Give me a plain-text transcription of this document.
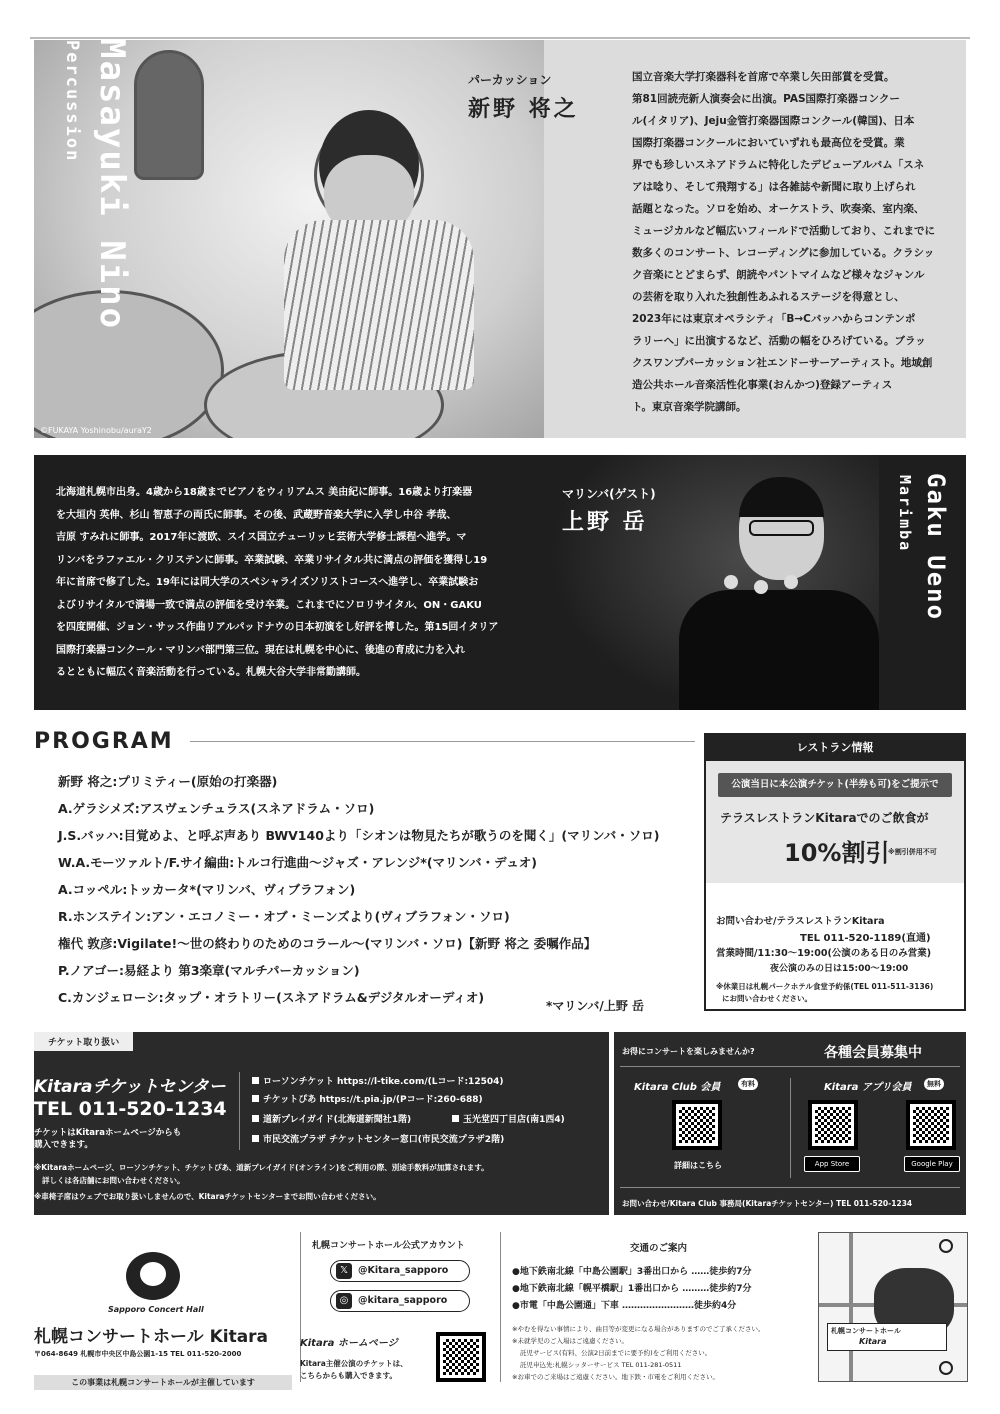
Masayuki Nino
Percussion
©FUKAYA Yoshinobu/auraY2
パーカッション
新野 将之
国立音楽大学打楽器科を首席で卒業し矢田部賞を受賞。
第81回読売新人演奏会に出演。PAS国際打楽器コンクー
ル(イタリア)、Jeju金管打楽器国際コンクール(韓国)、日本
国際打楽器コンクールにおいていずれも最高位を受賞。業
界でも珍しいスネアドラムに特化したデビューアルバム「スネ
アは唸り、そして飛翔する」は各雑誌や新聞に取り上げられ
話題となった。ソロを始め、オーケストラ、吹奏楽、室内楽、
ミュージカルなど幅広いフィールドで活動しており、これまでに
数多くのコンサート、レコーディングに参加している。クラシッ
ク音楽にとどまらず、朗読やパントマイムなど様々なジャンル
の芸術を取り入れた独創性あふれるステージを得意とし、
2023年には東京オペラシティ「B→Cバッハからコンテンポ
ラリーへ」に出演するなど、活動の幅をひろげている。ブラッ
クスワンプパーカッション社エンドーサーアーティスト。地域創
造公共ホール音楽活性化事業(おんかつ)登録アーティス
ト。東京音楽学院講師。
北海道札幌市出身。4歳から18歳までピアノをウィリアムス 美由紀に師事。16歳より打楽器
を大垣内 英伸、杉山 智恵子の両氏に師事。その後、武蔵野音楽大学に入学し中谷 孝哉、
吉原 すみれに師事。2017年に渡欧、スイス国立チューリッヒ芸術大学修士課程へ進学。マ
リンバをラファエル・クリステンに師事。卒業試験、卒業リサイタル共に満点の評価を獲得し19
年に首席で修了した。19年には同大学のスペシャライズソリストコースへ進学し、卒業試験お
よびリサイタルで満場一致で満点の評価を受け卒業。これまでにソロリサイタル、ON・GAKU
を四度開催、ジョン・サッス作曲リアルパッドナウの日本初演をし好評を博した。第15回イタリア
国際打楽器コンクール・マリンバ部門第三位。現在は札幌を中心に、後進の育成に力を入れ
るとともに幅広く音楽活動を行っている。札幌大谷大学非常勤講師。
マリンバ(ゲスト)
上野 岳	Gaku Ueno
Marimba
PROGRAM
新野 将之:プリミティー(原始の打楽器)
A.ゲラシメズ:アスヴェンチュラス(スネアドラム・ソロ)
J.S.バッハ:目覚めよ、と呼ぶ声あり BWV140より「シオンは物見たちが歌うのを聞く」(マリンバ・ソロ)
W.A.モーツァルト/F.サイ編曲:トルコ行進曲～ジャズ・アレンジ*(マリンバ・デュオ)
A.コッペル:トッカータ*(マリンバ、ヴィブラフォン)
R.ホンステイン:アン・エコノミー・オブ・ミーンズより(ヴィブラフォン・ソロ)
権代 敦彦:Vigilate!～世の終わりのためのコラール～(マリンバ・ソロ)【新野 将之 委嘱作品】
P.ノアゴー:易経より 第3楽章(マルチパーカッション)
C.カンジェローシ:タップ・オラトリー(スネアドラム&デジタルオーディオ)
*マリンバ/上野 岳
レストラン情報
公演当日に本公演チケット(半券も可)をご提示で
テラスレストランKitaraでのご飲食が
10%割引
※割引併用不可
お問い合わせ/テラスレストランKitara
TEL 011-520-1189(直通)
営業時間/11:30～19:00(公演のある日のみ営業)
夜公演のみの日は15:00～19:00
※休業日は札幌パークホテル食堂予約係(TEL 011-511-3136)
にお問い合わせください。
チケット取り扱い
Kitaraチケットセンター
TEL 011-520-1234
チケットはKitaraホームページからも
購入できます。
ローソンチケット https://l-tike.com/(Lコード:12504)
チケットぴあ https://t.pia.jp/(Pコード:260-688)
道新プレイガイド(北海道新聞社1階)	玉光堂四丁目店(南1西4)
市民交流プラザ チケットセンター窓口(市民交流プラザ2階)
※Kitaraホームページ、ローソンチケット、チケットぴあ、道新プレイガイド(オンライン)をご利用の際、別途手数料が加算されます。
詳しくは各店舗にお問い合わせください。
※車椅子席はウェブでお取り扱いしませんので、Kitaraチケットセンターまでお問い合わせください。
お得にコンサートを楽しみませんか?	各種会員募集中
Kitara Club 会員	有料	Kitara アプリ会員	無料
詳細はこちら	App Store	Google Play
お問い合わせ/Kitara Club 事務局(Kitaraチケットセンター) TEL 011-520-1234
Sapporo Concert Hall
札幌コンサートホール Kitara
〒064-8649 札幌市中央区中島公園1-15 TEL 011-520-2000
この事業は札幌コンサートホールが主催しています
札幌コンサートホール公式アカウント
𝕏	@Kitara_sapporo
◎	@kitara_sapporo
Kitara ホームページ
Kitara主催公演のチケットは、
こちらからも購入できます。
交通のご案内
●地下鉄南北線「中島公園駅」3番出口から ……徒歩約7分
●地下鉄南北線「幌平橋駅」1番出口から ………徒歩約7分
●市電「中島公園通」下車 ……………………徒歩約4分
※やむを得ない事情により、曲目等が変更になる場合がありますのでご了承ください。
※未就学児のご入場はご遠慮ください。
託児サービス(有料、公演2日前までに要予約)をご利用ください。
託児申込先:札幌シッターサービス TEL 011-281-0511
※お車でのご来場はご遠慮ください。地下鉄・市電をご利用ください。
札幌コンサートホール
Kitara
